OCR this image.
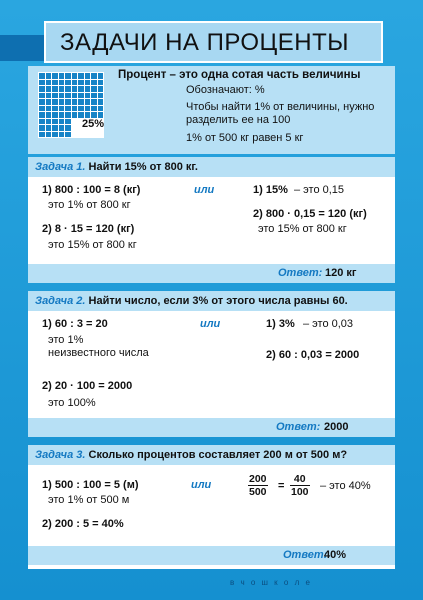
ЗАДАЧИ НА ПРОЦЕНТЫ
25%
Процент – это одна сотая часть величины
Обозначают: %
Чтобы найти 1% от величины, нужно разделить ее на 100
1% от 500 кг равен 5 кг
Задача 1. Найти 15% от 800 кг.
1) 800 : 100 = 8 (кг)
это 1% от 800 кг
2) 8 · 15 = 120 (кг)
это 15% от 800 кг
или	1) 15% – это 0,15
2) 800 · 0,15 = 120 (кг)
это 15% от 800 кг
Ответ: 120 кг
Задача 2. Найти число, если 3% от этого числа равны 60.
1) 60 : 3 = 20
это 1%
неизвестного числа
2) 20 · 100 = 2000
это 100%
или	1) 3% – это 0,03
2) 60 : 0,03 = 2000
Ответ: 2000
Задача 3. Сколько процентов составляет 200 м от 500 м?
1) 500 : 100 = 5 (м)
это 1% от 500 м
2) 200 : 5 = 40%
или	$\frac{200}{500} = \frac{40}{100}$ – это 40%
Ответ:
40%
в ч о ш к о л е
